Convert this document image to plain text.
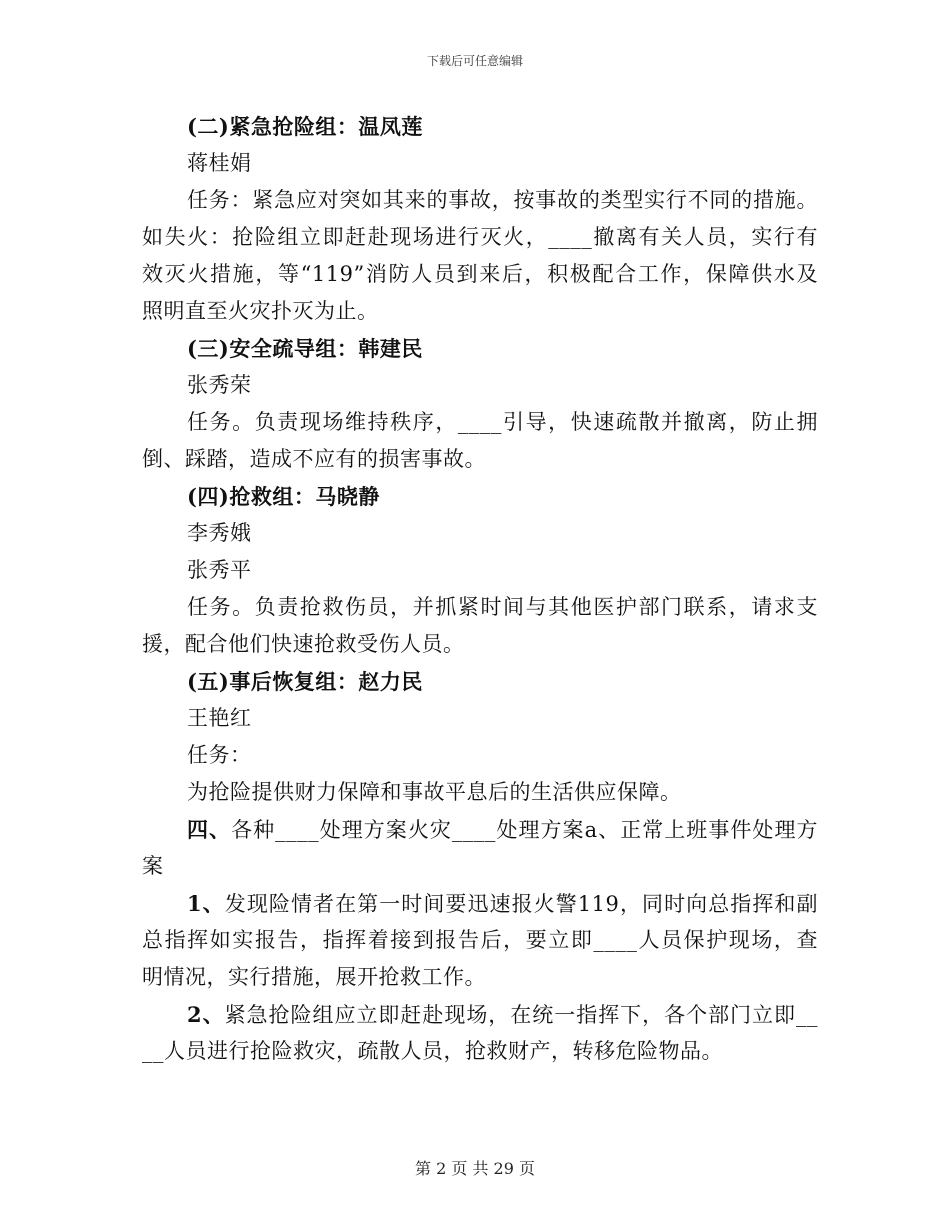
下载后可任意编辑
(二)紧急抢险组：温凤莲
蒋桂娟
任务：紧急应对突如其来的事故，按事故的类型实行不同的措施。
如失火：抢险组立即赶赴现场进行灭火，____撤离有关人员，实行有
效灭火措施，等“119”消防人员到来后，积极配合工作，保障供水及
照明直至火灾扑灭为止。
(三)安全疏导组：韩建民
张秀荣
任务。负责现场维持秩序，____引导，快速疏散并撤离，防止拥
倒、踩踏，造成不应有的损害事故。
(四)抢救组：马晓静
李秀娥
张秀平
任务。负责抢救伤员，并抓紧时间与其他医护部门联系，请求支
援，配合他们快速抢救受伤人员。
(五)事后恢复组：赵力民
王艳红
任务：
为抢险提供财力保障和事故平息后的生活供应保障。
四、各种____处理方案火灾____处理方案a、正常上班事件处理方
案
1、发现险情者在第一时间要迅速报火警119，同时向总指挥和副
总指挥如实报告，指挥着接到报告后，要立即____人员保护现场，查
明情况，实行措施，展开抢救工作。
2、紧急抢险组应立即赶赴现场，在统一指挥下，各个部门立即__
__人员进行抢险救灾，疏散人员，抢救财产，转移危险物品。
第 2 页 共 29 页
